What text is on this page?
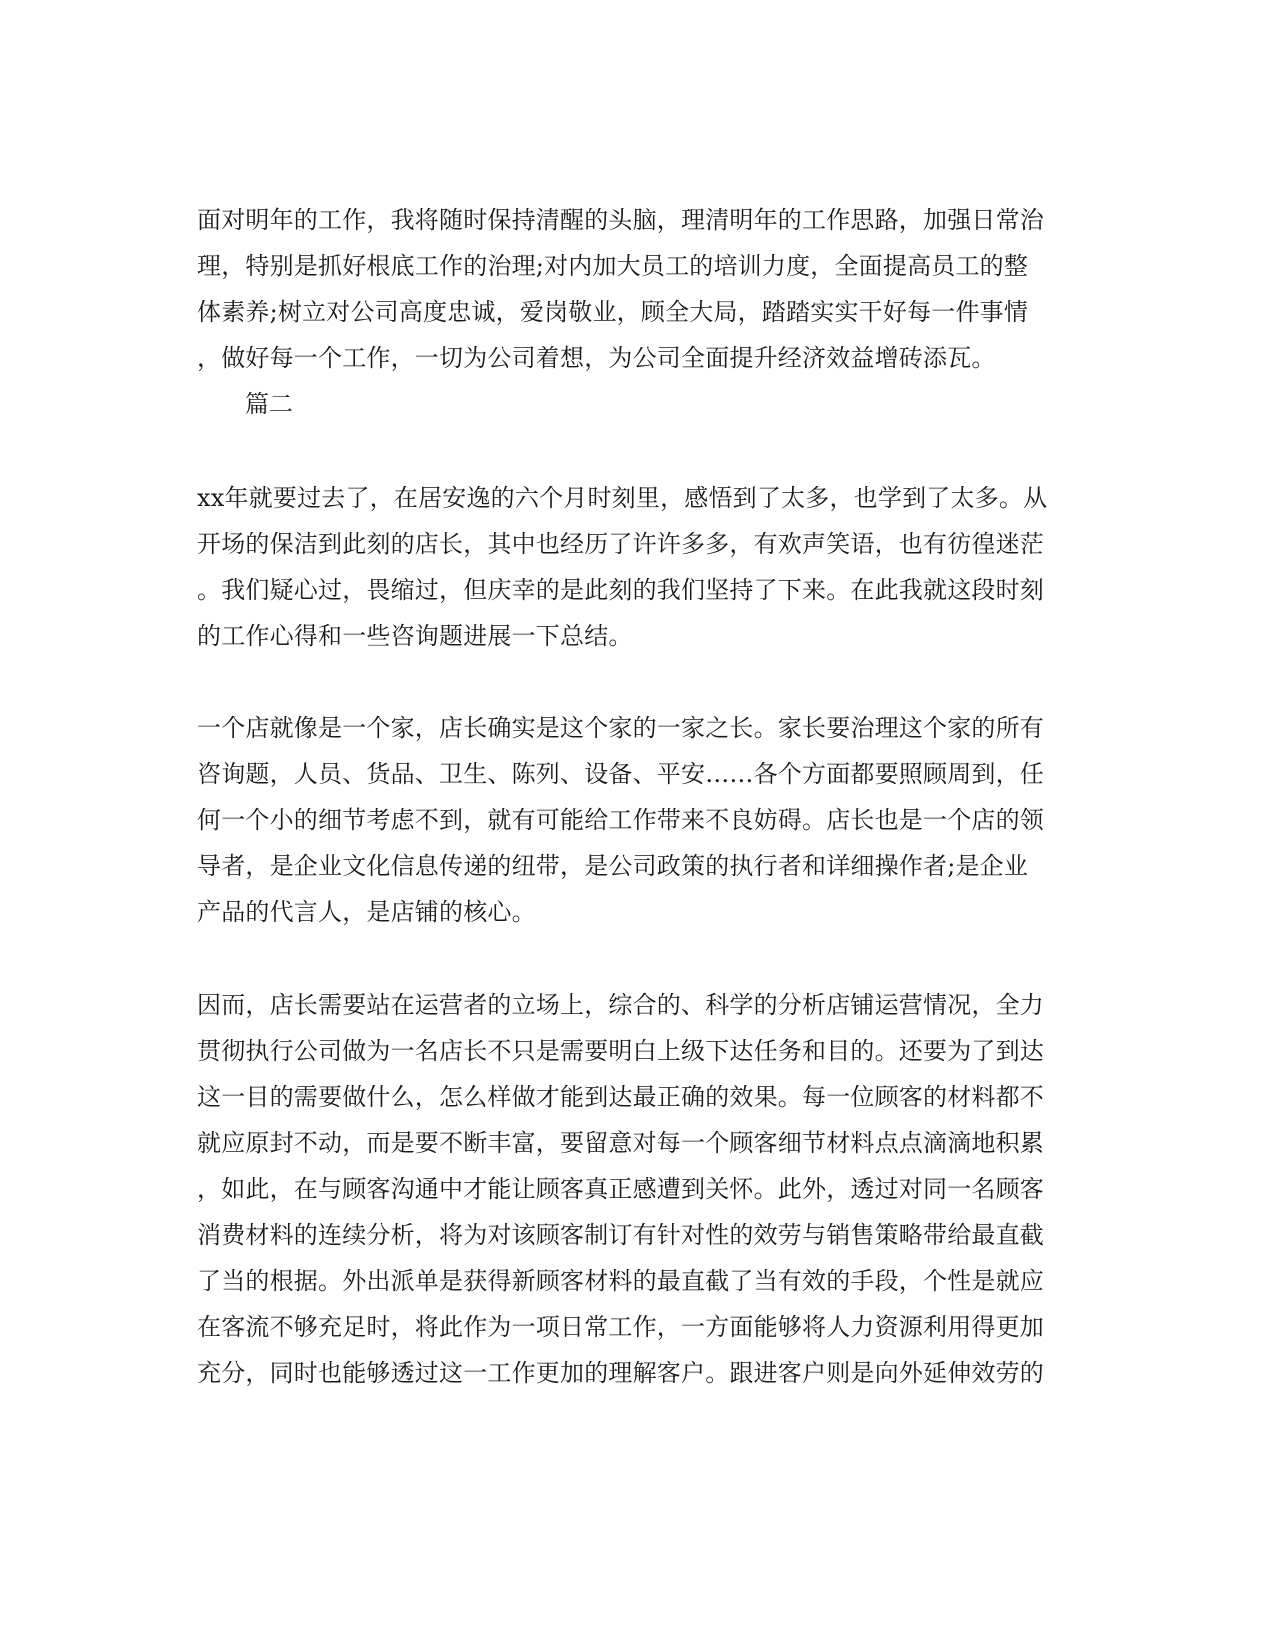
面对明年的工作，我将随时保持清醒的头脑，理清明年的工作思路，加强日常治
理，特别是抓好根底工作的治理;对内加大员工的培训力度，全面提高员工的整
体素养;树立对公司高度忠诚，爱岗敬业，顾全大局，踏踏实实干好每一件事情
，做好每一个工作，一切为公司着想，为公司全面提升经济效益增砖添瓦。
篇二
xx年就要过去了，在居安逸的六个月时刻里，感悟到了太多，也学到了太多。从
开场的保洁到此刻的店长，其中也经历了许许多多，有欢声笑语，也有彷徨迷茫
。我们疑心过，畏缩过，但庆幸的是此刻的我们坚持了下来。在此我就这段时刻
的工作心得和一些咨询题进展一下总结。
一个店就像是一个家，店长确实是这个家的一家之长。家长要治理这个家的所有
咨询题，人员、货品、卫生、陈列、设备、平安……各个方面都要照顾周到，任
何一个小的细节考虑不到，就有可能给工作带来不良妨碍。店长也是一个店的领
导者，是企业文化信息传递的纽带，是公司政策的执行者和详细操作者;是企业
产品的代言人，是店铺的核心。
因而，店长需要站在运营者的立场上，综合的、科学的分析店铺运营情况，全力
贯彻执行公司做为一名店长不只是需要明白上级下达任务和目的。还要为了到达
这一目的需要做什么，怎么样做才能到达最正确的效果。每一位顾客的材料都不
就应原封不动，而是要不断丰富，要留意对每一个顾客细节材料点点滴滴地积累
，如此，在与顾客沟通中才能让顾客真正感遭到关怀。此外，透过对同一名顾客
消费材料的连续分析，将为对该顾客制订有针对性的效劳与销售策略带给最直截
了当的根据。外出派单是获得新顾客材料的最直截了当有效的手段，个性是就应
在客流不够充足时，将此作为一项日常工作，一方面能够将人力资源利用得更加
充分，同时也能够透过这一工作更加的理解客户。跟进客户则是向外延伸效劳的
